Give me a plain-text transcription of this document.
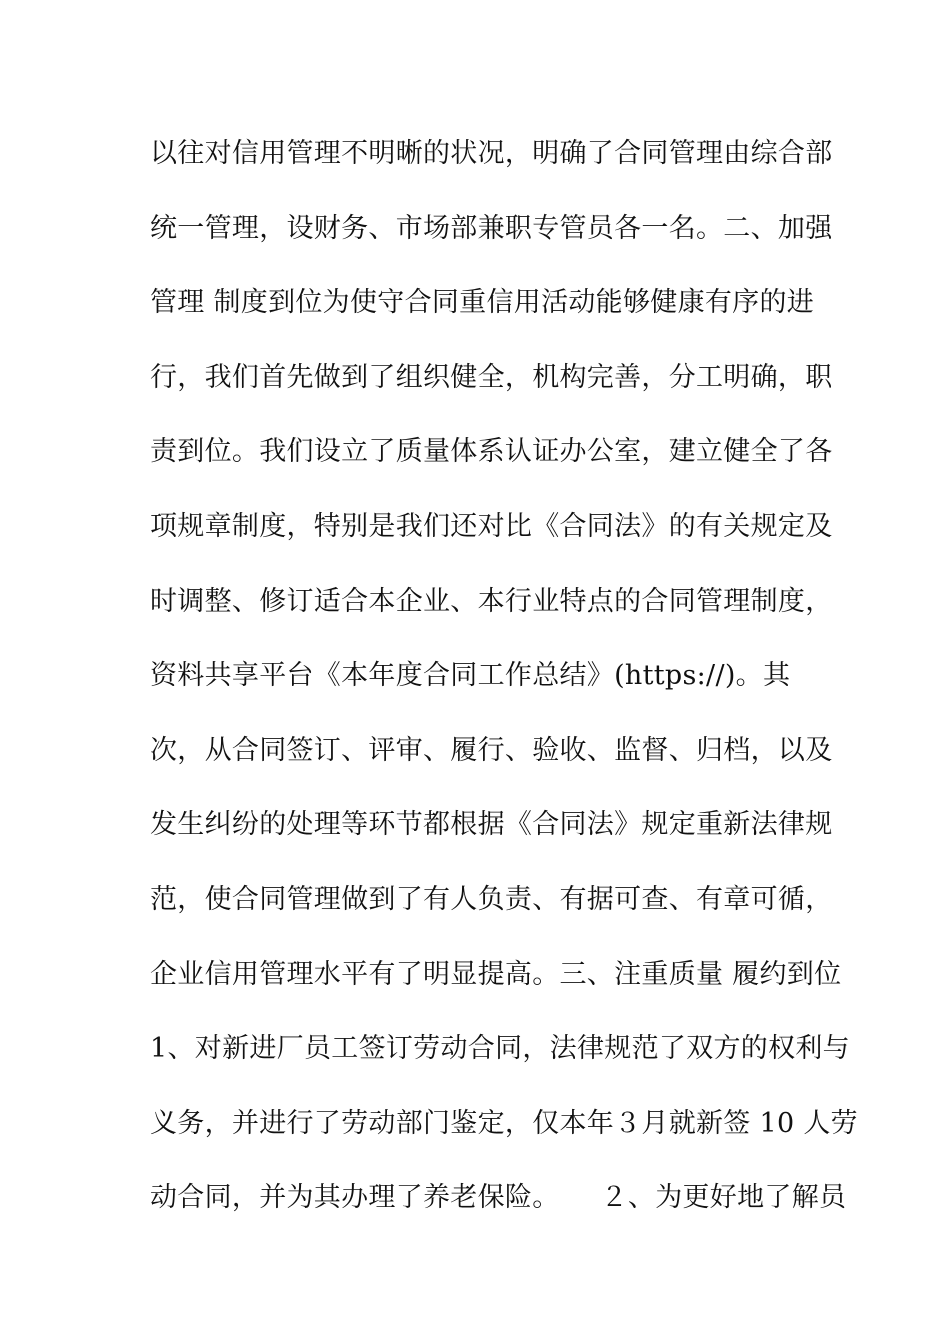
以往对信用管理不明晰的状况，明确了合同管理由综合部
统一管理，设财务、市场部兼职专管员各一名。二、加强
管理 制度到位为使守合同重信用活动能够健康有序的进
行，我们首先做到了组织健全，机构完善，分工明确，职
责到位。我们设立了质量体系认证办公室，建立健全了各
项规章制度，特别是我们还对比《合同法》的有关规定及
时调整、修订适合本企业、本行业特点的合同管理制度，
资料共享平台《本年度合同工作总结》(https://)。其
次，从合同签订、评审、履行、验收、监督、归档，以及
发生纠纷的处理等环节都根据《合同法》规定重新法律规
范，使合同管理做到了有人负责、有据可查、有章可循，
企业信用管理水平有了明显提高。三、注重质量 履约到位
1、对新进厂员工签订劳动合同，法律规范了双方的权利与
义务，并进行了劳动部门鉴定，仅本年３月就新签 10 人劳
动合同，并为其办理了养老保险。　　２、为更好地了解员
